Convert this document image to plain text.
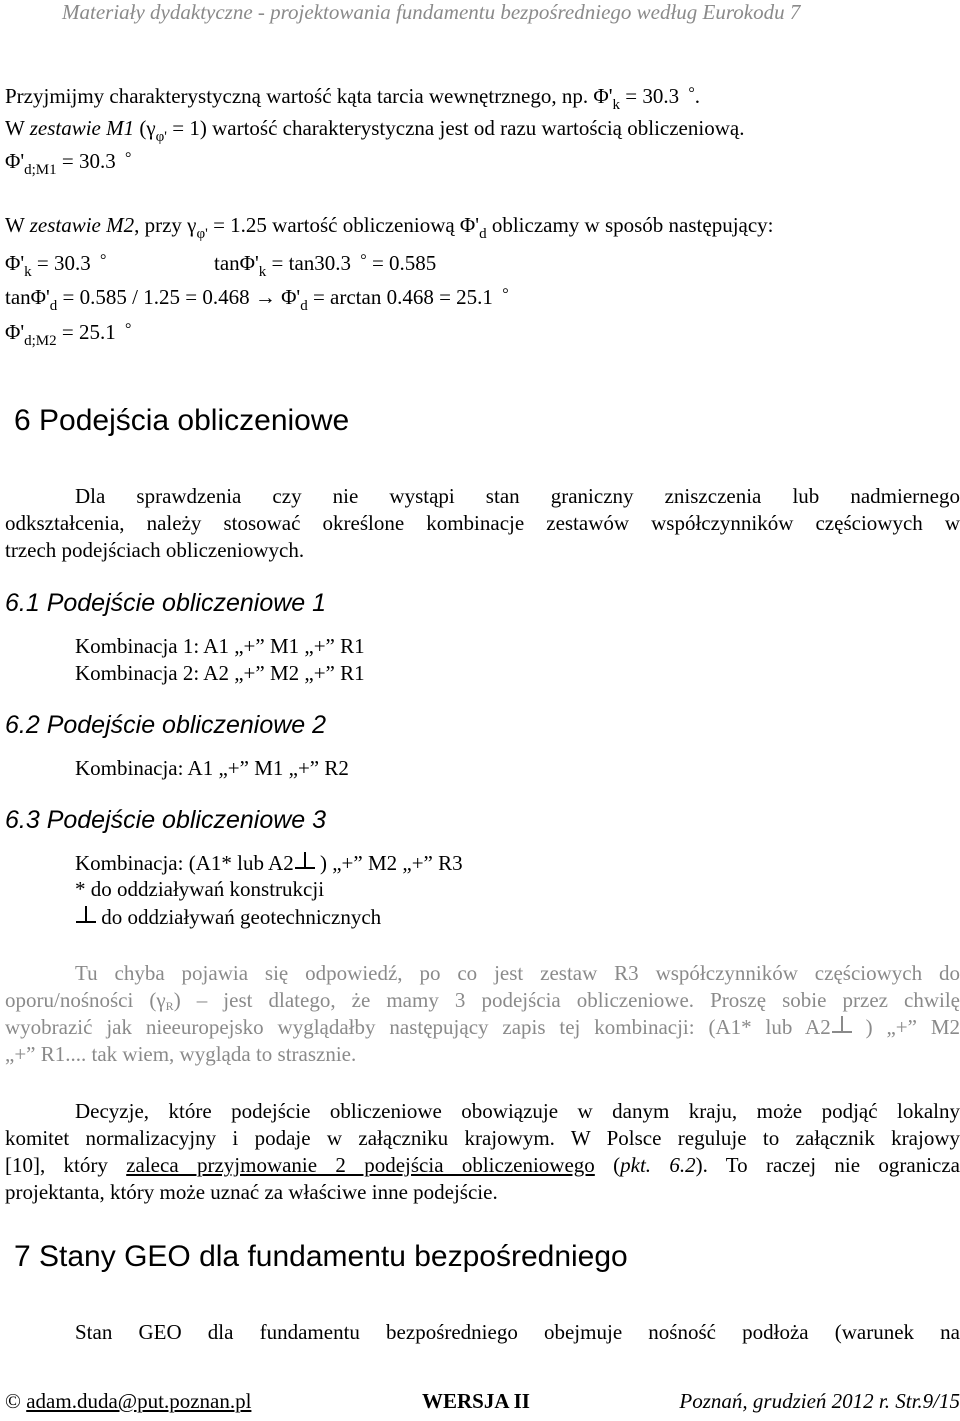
Materiały dydaktyczne - projektowania fundamentu bezpośredniego według Eurokodu 7
Przyjmijmy charakterystyczną wartość kąta tarcia wewnętrznego, np. $\Phi'_k = 30.3$ °.
W zestawie M1 $(\gamma_{\varphi'} = 1)$ wartość charakterystyczna jest od razu wartością obliczeniową.
$\Phi'_{d;M1} = 30.3$ °
W zestawie M2, przy $\gamma_{\varphi'} = 1.25$ wartość obliczeniową $\Phi'_d$ obliczamy w sposób następujący:
$\Phi'_k = 30.3$ °	$\tan\Phi'_k = \tan 30.3$ ° = 0.585
$\tan\Phi'_d = 0.585 / 1.25 = 0.468 \to \Phi'_d = \arctan 0.468 = 25.1$ °
$\Phi'_{d;M2} = 25.1$ °
6 Podejścia obliczeniowe
Dla sprawdzenia czy nie wystąpi stan graniczny zniszczenia lub nadmiernego
odkształcenia, należy stosować określone kombinacje zestawów współczynników częściowych w
trzech podejściach obliczeniowych.
6.1 Podejście obliczeniowe 1
Kombinacja 1: A1 „+” M1 „+” R1
Kombinacja 2: A2 „+” M2 „+” R1
6.2 Podejście obliczeniowe 2
Kombinacja: A1 „+” M1 „+” R2
6.3 Podejście obliczeniowe 3
Kombinacja: (A1* lub A2
) „+” M2 „+” R3
* do oddziaływań konstrukcji
do oddziaływań geotechnicznych
Tu chyba pojawia się odpowiedź, po co jest zestaw R3 współczynników częściowych do
oporu/nośności $(\gamma_R)$ – jest dlatego, że mamy 3 podejścia obliczeniowe. Proszę sobie przez chwilę
wyobrazić jak nieeuropejsko wyglądałby następujący zapis tej kombinacji: (A1* lub A2
) „+” M2
„+” R1.... tak wiem, wygląda to strasznie.
Decyzje, które podejście obliczeniowe obowiązuje w danym kraju, może podjąć lokalny
komitet normalizacyjny i podaje w załączniku krajowym. W Polsce reguluje to załącznik krajowy
[10], który zaleca przyjmowanie 2 podejścia obliczeniowego (pkt. 6.2). To raczej nie ogranicza
projektanta, który może uznać za właściwe inne podejście.
7 Stany GEO dla fundamentu bezpośredniego
Stan GEO dla fundamentu bezpośredniego obejmuje nośność podłoża (warunek na
© adam.duda@put.poznan.pl	WERSJA II	Poznań, grudzień 2012 r. Str.9/15
